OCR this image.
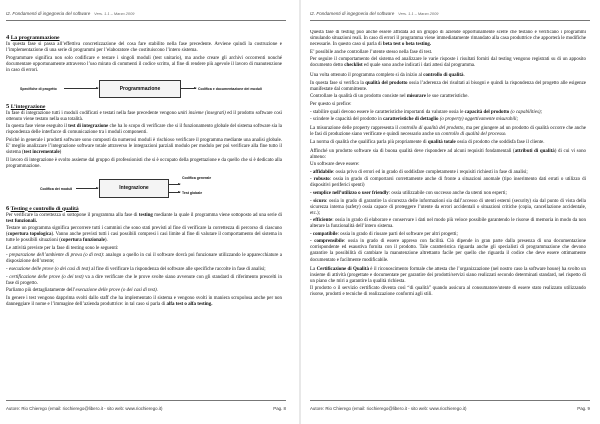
I2. Fondamenti di ingegneria del software Vers. 1.1 – Marzo 2009
4 La programmazione

In questa fase si passa all’effettiva concretizzazione del cosa fare stabilito nella fase precedente. Avviene quindi la costruzione e l’implementazione di una serie di programmi per l’elaboratore che costituiscono l’intero sistema.

Programmare significa non solo codificare e testare i singoli moduli (test unitario), ma anche creare gli archivi occorrenti nonché documentare opportunamente attraverso l’uso mirato di commenti il codice scritto, al fine di rendere più agevole il lavoro di manutenzione in caso di errori.

Specifiche di progetto	Programmazione	Codifica e documentazione dei moduli
5 L’integrazione

In fase di integrazione tutti i moduli codificati e testati nella fase precedente vengono uniti insieme (insegrati) ed il prodotto software così ottenuto viene testato nella sua totalità.

In questa fase viene eseguito il test di integrazione che ha lo scopo di verificare che si il funzionamento globale del sistema software sia la rispondenza delle interfacce di comunicazione tra i moduli componenti.

Poiché in generale i prodotti software sono composti da numerosi moduli è rischioso verificare il programma mediante una analisi globale. E’ meglio analizzare l’integrazione software totale attraverso le integrazioni parziali modulo per modulo per poi verificare alla fine tutto il sistema (test incrementale)

Il lavoro di integrazione è svolto assieme dal gruppo di professionisti che si è occupato della progettazione e da quello che si è dedicato alla programmazione.

Codifica dei moduli	Integrazione
Codifica generale
Test globale
6 Testing e controllo di qualità

Per verificare la correttezza si sottopone il programma alla fase di testing mediante la quale il programma viene sottoposto ad una serie di test funzionali.

Testare un programma significa percorrere tutti i cammini che sono stati previsti al fine di verificare la correttezza di percorso di ciascuno (copertura topologica). Vanno anche previsti tutti i casi possibili compresi i casi limite al fine di valutare il comportamento del sistema in tutte le possibili situazioni (copertura funzionale).

Le attività previste per la fase di testing sono le seguenti:

- preparazione dell’ambiente di prova (o di test): analogo a quello in cui il software dovrà poi funzionare utilizzando le apparecchiature a disposizione dell’utente;

- esecuzione delle prove (o dei casi di test) al fine di verificare la rispondenza del software alle specifiche raccolte in fase di analisi;

- certificazione delle prove (o dei test) va a dire verificare che le prove svolte siano avvenute con gli standard di riferimento prescelti in fase di progetto.

Parliamo più dettagliatamente dell’esecuzione delle prove (o dei casi di test).

In genere i test vengono dapprima svolti dallo staff che ha implementato il sistema e vengono svolti in maniera scrupolosa anche per non danneggiare il nome e l’immagine dell’azienda produttrice: in tal caso si parla di alfa test o alfa testing.

Autore: Rio Chierego (email: riochierego@libero.it - sito web: www.riochierego.it)	Pag. 8
I2. Fondamenti di ingegneria del software Vers. 1.1 – Marzo 2009

Questa fase di testing può anche essere affidata ad un gruppo di aziende opportunamente scelte che testano e verificano i programmi simulando situazioni reali. In caso di errori il programma viene immediatamente rimandato alla casa produttrice che apporterà le modifiche necessarie. In questo caso si parla di beta test o beta testing.

E’ possibile anche controllare l’utente stesso nella fase di test.

Per seguire il comportamento del sistema ed analizzare le varie risposte i risultati forniti dal testing vengono registrati su di un apposito documento detto checklist ed quale sono anche indicati i dati attesi dal programma.

Una volta ottenuto il programma completo si da inizio al controllo di qualità.

In questa fase si verifica la qualità del prodotto ossia l’aderenza dei risultati ai bisogni e quindi la rispondenza del progetto alle esigenze manifestate dal committente.

Controllare la qualità di un prodotto consiste nel misurare le sue caratteristiche.

Per questo si prefice:

- stabilire quali devono essere le caratteristiche importanti da valutare ossia le capacità del prodotto (o capabilities);

- scindere le capacità del prodotto in caratteristiche di dettaglio (o property) oggettivamente misurabili;

La misurazione delle property rappresenta il controllo di qualità del prodotto, ma per giungere ad un prodotto di qualità occorre che anche le fasi di produzione siano verificate e quindi necessario anche un controllo di qualità del processo.

La norma di qualità che qualifica parla più propriamente di qualità totale ossia di prodotto che soddisfa fase il cliente.

Affinché un prodotto software sia di buona qualità deve rispondere ad alcuni requisiti fondamentali (attributi di qualità) di cui vi sono almeno:

Un software deve essere:

- affidabile: ossia privo di errori ed in grado di soddisfare completamente i requisiti richiesti in fase di analisi;

- robusto: ossia in grado di comportarsi correttamente anche di fronte a situazioni anomale (tipo inserimento dati errati o utilizzo di dispositivi periferici spenti)

- semplice nell’utilizzo o user friendly: ossia utilizzabile con successo anche da utenti non esperti;

- sicuro: ossia in grado di garantire la sicurezza delle informazioni sia dall’accesso di utenti esterni (security) sia dal punto di vista della sicurezza interna (safety) ossia capace di proteggere l’utente da errori accidentali o situazioni critiche (copia, cancellazione accidentale, etc.);

- efficiente: ossia in grado di elaborare e conservare i dati nel modo più veloce possibile garantendo le risorse di memoria in modo da non alterare la funzionalità dell’intero sistema.

- compatibile: ossia in grado di riusare parti del software per altri progetti;

- comprensibile: ossia in grado di essere appreso con facilità. Ciò dipende in gran parte dalla presenza di una documentazione corrispondente ed esaustiva fornita con il prodotto. Tale caratteristica riguarda anche gli specialisti di programmazione che devono garantire la possibilità di cambiare la manutenzione altrettanto facile per quello che riguarda il codice che deve essere ottimamente documentato e facilmente modificabile.

La Certificazione di Qualità è il riconoscimento formale che attesta che l’organizzazione (nel nostro caso la software house) ha svolto un insieme di attività (progettate e documentate per garantire dei prodotti/servizi siano realizzati secondo determinati standard, nel rispetto di un piano che miri a garantire la qualità richiesta.

Il prodotto o il servizio certificato diventa così “di qualità” quando assicura al consumatore/utente di essere stato realizzato utilizzando risorse, prodotti e tecniche di realizzazione conformi agli stili.

Autore: Rio Chierego (email: riochierego@libero.it - sito web: www.riochierego.it)	Pag. 9
